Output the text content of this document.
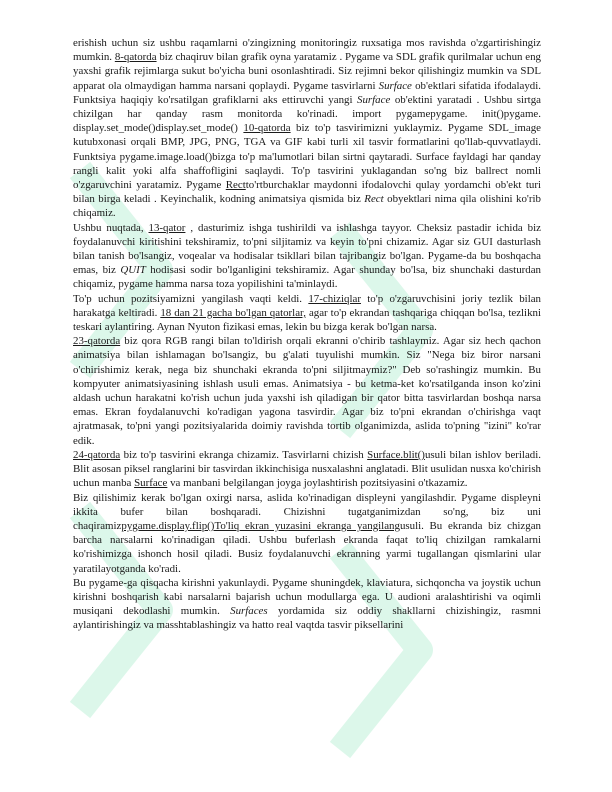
erishish uchun siz ushbu raqamlarni o'zingizning monitoringiz ruxsatiga mos ravishda o'zgartirishingiz mumkin. 8-qatorda biz chaqiruv bilan grafik oyna yaratamiz . Pygame va SDL grafik qurilmalar uchun eng yaxshi grafik rejimlarga sukut bo'yicha buni osonlashtiradi. Siz rejimni bekor qilishingiz mumkin va SDL apparat ola olmaydigan hamma narsani qoplaydi. Pygame tasvirlarni Surface ob'ektlari sifatida ifodalaydi. Funktsiya haqiqiy ko'rsatilgan grafiklarni aks ettiruvchi yangi Surface ob'ektini yaratadi . Ushbu sirtga chizilgan har qanday rasm monitorda ko'rinadi. import pygamepygame. init()pygame. display.set_mode()display.set_mode() 10-qatorda biz to'p tasvirimizni yuklaymiz. Pygame SDL_image kutubxonasi orqali BMP, JPG, PNG, TGA va GIF kabi turli xil tasvir formatlarini qo'llab-quvvatlaydi. Funktsiya pygame.image.load()bizga to'p ma'lumotlari bilan sirtni qaytaradi. Surface fayldagi har qanday rangli kalit yoki alfa shaffofligini saqlaydi. To'p tasvirini yuklagandan so'ng biz ballrect nomli o'zgaruvchini yaratamiz. Pygame Rectto'rtburchaklar maydonni ifodalovchi qulay yordamchi ob'ekt turi bilan birga keladi . Keyinchalik, kodning animatsiya qismida biz Rect obyektlari nima qila olishini ko'rib chiqamiz.

Ushbu nuqtada, 13-qator , dasturimiz ishga tushirildi va ishlashga tayyor. Cheksiz pastadir ichida biz foydalanuvchi kiritishini tekshiramiz, to'pni siljitamiz va keyin to'pni chizamiz. Agar siz GUI dasturlash bilan tanish bo'lsangiz, voqealar va hodisalar tsikllari bilan tajribangiz bo'lgan. Pygame-da bu boshqacha emas, biz QUIT hodisasi sodir bo'lganligini tekshiramiz. Agar shunday bo'lsa, biz shunchaki dasturdan chiqamiz, pygame hamma narsa toza yopilishini ta'minlaydi.

To'p uchun pozitsiyamizni yangilash vaqti keldi. 17-chiziqlar to'p o'zgaruvchisini joriy tezlik bilan harakatga keltiradi. 18 dan 21 gacha bo'lgan qatorlar, agar to'p ekrandan tashqariga chiqqan bo'lsa, tezlikni teskari aylantiring. Aynan Nyuton fizikasi emas, lekin bu bizga kerak bo'lgan narsa.

23-qatorda biz qora RGB rangi bilan to'ldirish orqali ekranni o'chirib tashlaymiz. Agar siz hech qachon animatsiya bilan ishlamagan bo'lsangiz, bu g'alati tuyulishi mumkin. Siz "Nega biz biror narsani o'chirishimiz kerak, nega biz shunchaki ekranda to'pni siljitmaymiz?" Deb so'rashingiz mumkin. Bu kompyuter animatsiyasining ishlash usuli emas. Animatsiya - bu ketma-ket ko'rsatilganda inson ko'zini aldash uchun harakatni ko'rish uchun juda yaxshi ish qiladigan bir qator bitta tasvirlardan boshqa narsa emas. Ekran foydalanuvchi ko'radigan yagona tasvirdir. Agar biz to'pni ekrandan o'chirishga vaqt ajratmasak, to'pni yangi pozitsiyalarida doimiy ravishda tortib olganimizda, aslida to'pning "izini" ko'rar edik.

24-qatorda biz to'p tasvirini ekranga chizamiz. Tasvirlarni chizish Surface.blit()usuli bilan ishlov beriladi. Blit asosan piksel ranglarini bir tasvirdan ikkinchisiga nusxalashni anglatadi. Blit usulidan nusxa ko'chirish uchun manba Surface va manbani belgilangan joyga joylashtirish pozitsiyasini o'tkazamiz.

Biz qilishimiz kerak bo'lgan oxirgi narsa, aslida ko'rinadigan displeyni yangilashdir. Pygame displeyni ikkita bufer bilan boshqaradi. Chizishni tugatganimizdan so'ng, biz uni chaqiramizpygame.display.flip()To'liq ekran yuzasini ekranga yangilangusuli. Bu ekranda biz chizgan barcha narsalarni ko'rinadigan qiladi. Ushbu buferlash ekranda faqat to'liq chizilgan ramkalarni ko'rishimizga ishonch hosil qiladi. Busiz foydalanuvchi ekranning yarmi tugallangan qismlarini ular yaratilayotganda ko'radi.

Bu pygame-ga qisqacha kirishni yakunlaydi. Pygame shuningdek, klaviatura, sichqoncha va joystik uchun kirishni boshqarish kabi narsalarni bajarish uchun modullarga ega. U audioni aralashtirishi va oqimli musiqani dekodlashi mumkin. Surfaces yordamida siz oddiy shakllarni chizishingiz, rasmni aylantirishingiz va masshtablashingiz va hatto real vaqtda tasvir piksellarini
